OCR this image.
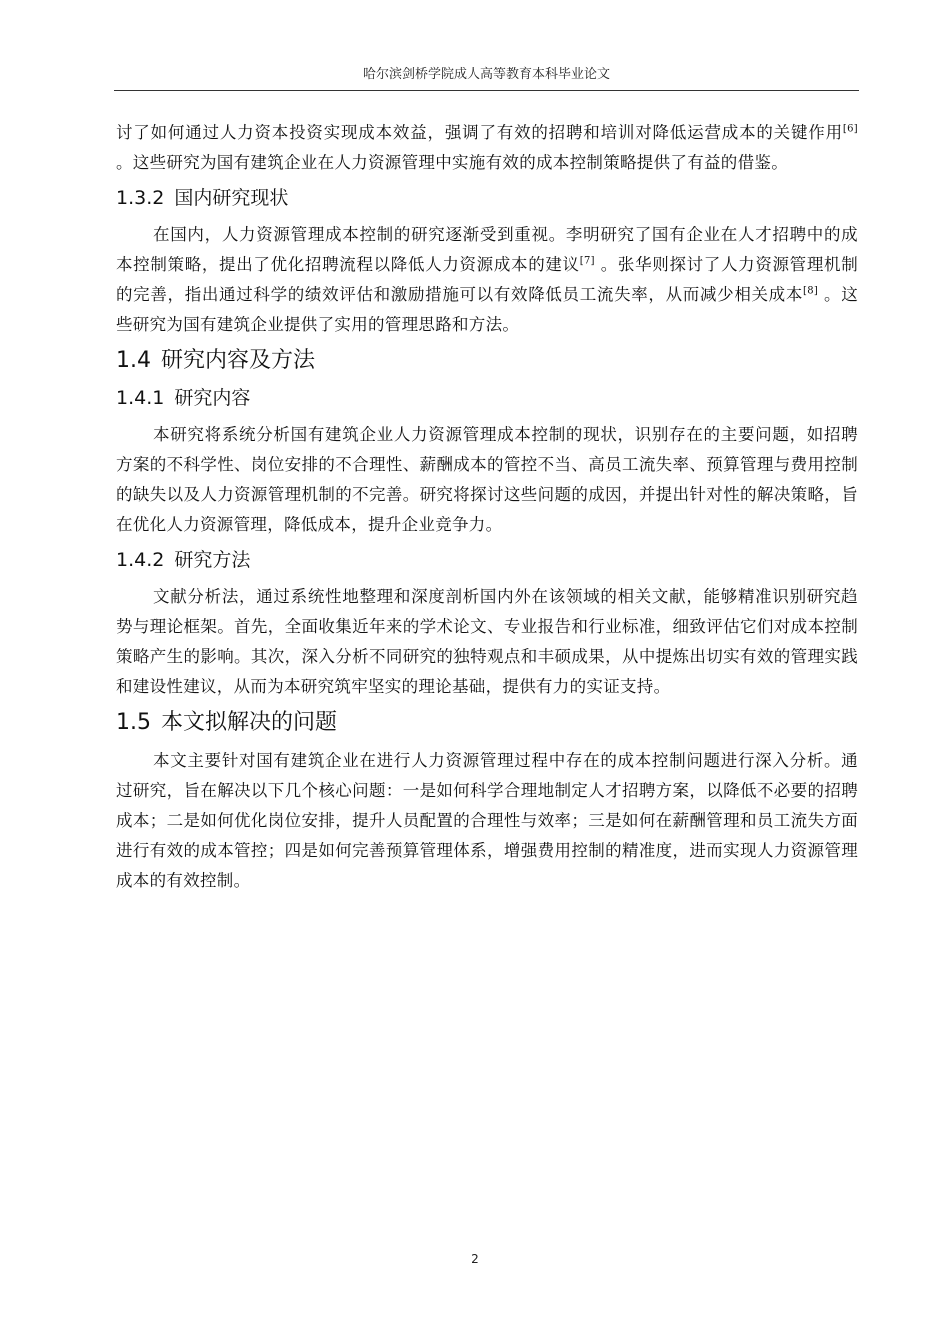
哈尔滨剑桥学院成人高等教育本科毕业论文

讨了如何通过人力资本投资实现成本效益，强调了有效的招聘和培训对降低运营成本的关键作用[6] 。这些研究为国有建筑企业在人力资源管理中实施有效的成本控制策略提供了有益的借鉴。

1.3.2 国内研究现状

在国内，人力资源管理成本控制的研究逐渐受到重视。李明研究了国有企业在人才招聘中的成本控制策略，提出了优化招聘流程以降低人力资源成本的建议[7] 。张华则探讨了人力资源管理机制的完善，指出通过科学的绩效评估和激励措施可以有效降低员工流失率，从而减少相关成本[8] 。这些研究为国有建筑企业提供了实用的管理思路和方法。

1.4 研究内容及方法
1.4.1 研究内容

本研究将系统分析国有建筑企业人力资源管理成本控制的现状，识别存在的主要问题，如招聘方案的不科学性、岗位安排的不合理性、薪酬成本的管控不当、高员工流失率、预算管理与费用控制的缺失以及人力资源管理机制的不完善。研究将探讨这些问题的成因，并提出针对性的解决策略，旨在优化人力资源管理，降低成本，提升企业竞争力。

1.4.2 研究方法

文献分析法，通过系统性地整理和深度剖析国内外在该领域的相关文献，能够精准识别研究趋势与理论框架。首先，全面收集近年来的学术论文、专业报告和行业标准，细致评估它们对成本控制策略产生的影响。其次，深入分析不同研究的独特观点和丰硕成果，从中提炼出切实有效的管理实践和建设性建议，从而为本研究筑牢坚实的理论基础，提供有力的实证支持。

1.5 本文拟解决的问题

本文主要针对国有建筑企业在进行人力资源管理过程中存在的成本控制问题进行深入分析。通过研究，旨在解决以下几个核心问题：一是如何科学合理地制定人才招聘方案，以降低不必要的招聘成本；二是如何优化岗位安排，提升人员配置的合理性与效率；三是如何在薪酬管理和员工流失方面进行有效的成本管控；四是如何完善预算管理体系，增强费用控制的精准度，进而实现人力资源管理成本的有效控制。

2
